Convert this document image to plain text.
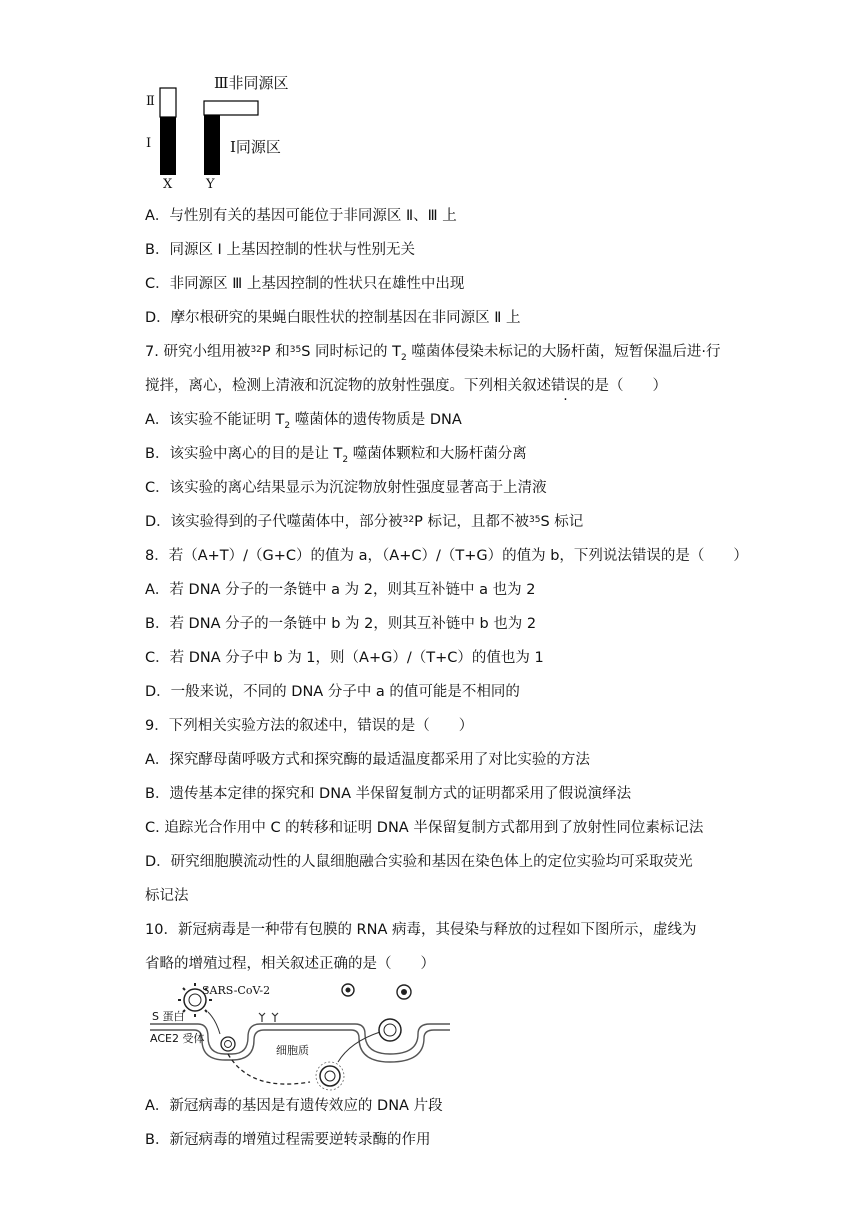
Ⅲ非同源区
Ⅱ
Ⅰ	Ⅰ同源区
X	Y
A．与性别有关的基因可能位于非同源区 Ⅱ、Ⅲ 上
B．同源区 Ⅰ 上基因控制的性状与性别无关
C．非同源区 Ⅲ 上基因控制的性状只在雄性中出现
D．摩尔根研究的果蝇白眼性状的控制基因在非同源区 Ⅱ 上
7. 研究小组用被$^{32}$P 和$^{35}$S 同时标记的 $T_2$ 噬菌体侵染未标记的大肠杆菌，短暂保温后进·行
搅拌，离心，检测上清液和沉淀物的放射性强度。下列相关叙述错误的是（　　）
A．该实验不能证明 $T_2$ 噬菌体的遗传物质是 DNA
B．该实验中离心的目的是让 $T_2$ 噬菌体颗粒和大肠杆菌分离
C．该实验的离心结果显示为沉淀物放射性强度显著高于上清液
D．该实验得到的子代噬菌体中，部分被$^{32}$P 标记，且都不被$^{35}$S 标记
8．若（A+T）/（G+C）的值为 a，（A+C）/（T+G）的值为 b，下列说法错误的是（　　）
A．若 DNA 分子的一条链中 a 为 2，则其互补链中 a 也为 2
B．若 DNA 分子的一条链中 b 为 2，则其互补链中 b 也为 2
C．若 DNA 分子中 b 为 1，则（A+G）/（T+C）的值也为 1
D．一般来说，不同的 DNA 分子中 a 的值可能是不相同的
9．下列相关实验方法的叙述中，错误的是（　　）
A．探究酵母菌呼吸方式和探究酶的最适温度都采用了对比实验的方法
B．遗传基本定律的探究和 DNA 半保留复制方式的证明都采用了假说演绎法
C. 追踪光合作用中 C 的转移和证明 DNA 半保留复制方式都用到了放射性同位素标记法
D．研究细胞膜流动性的人鼠细胞融合实验和基因在染色体上的定位实验均可采取荧光
标记法
10．新冠病毒是一种带有包膜的 RNA 病毒，其侵染与释放的过程如下图所示，虚线为
省略的增殖过程，相关叙述正确的是（　　）
SARS-CoV-2
S 蛋白
ACE2 受体
细胞质
A．新冠病毒的基因是有遗传效应的 DNA 片段
B．新冠病毒的增殖过程需要逆转录酶的作用
